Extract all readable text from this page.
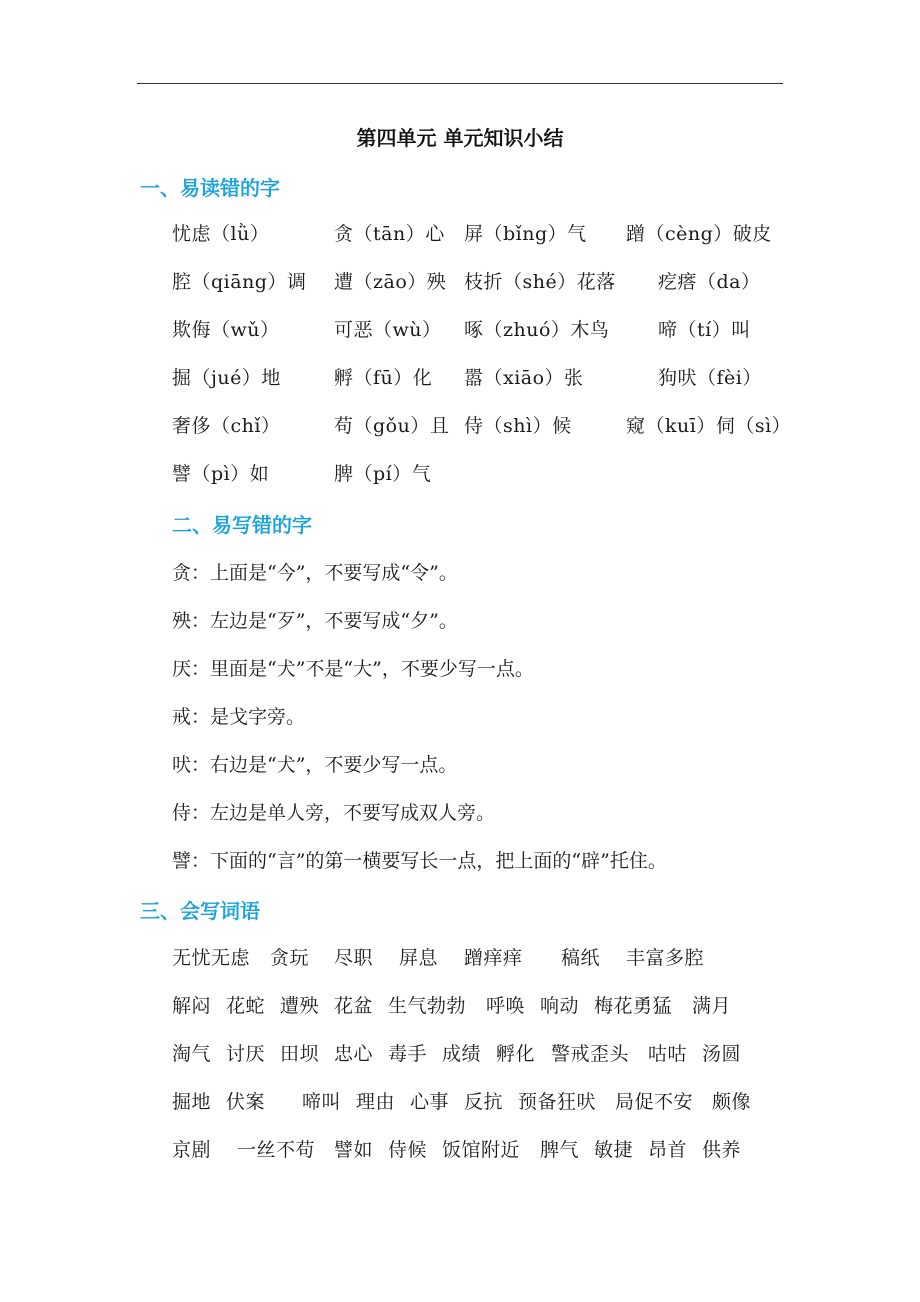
第四单元 单元知识小结
一、易读错的字
忧虑（lǜ）	贪（tān）心 屏（bǐng）气 蹭（cèng）破皮
腔（qiāng）调 遭（zāo）殃 枝折（shé）花落 疙瘩（da）
欺侮（wǔ）	可恶（wù） 啄（zhuó）木鸟	啼（tí）叫
掘（jué）地	孵（fū）化 嚣（xiāo）张	狗吠（fèi）
奢侈（chǐ）	苟（gǒu）且 侍（shì）候	窥（kuī）伺（sì）
譬（pì）如	脾（pí）气
二、易写错的字
贪：上面是“今”，不要写成“令”。
殃：左边是“歹”，不要写成“夕”。
厌：里面是“犬”不是“大”，不要少写一点。
戒：是戈字旁。
吠：右边是“犬”，不要少写一点。
侍：左边是单人旁，不要写成双人旁。
譬：下面的“言”的第一横要写长一点，把上面的“辟”托住。
三、会写词语
无忧无虑 贪玩 尽职 屏息 蹭痒痒 稿纸 丰富多腔
解闷 花蛇 遭殃 花盆 生气勃勃 呼唤 响动 梅花勇猛 满月
淘气 讨厌 田坝 忠心 毒手 成绩 孵化 警戒歪头 咕咕 汤圆
掘地 伏案 啼叫 理由 心事 反抗 预备狂吠 局促不安 颇像
京剧 一丝不苟 譬如 侍候 饭馆附近 脾气 敏捷 昂首 供养
